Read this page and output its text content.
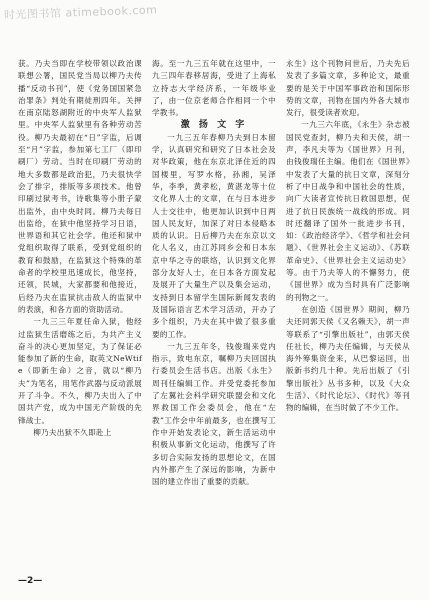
时光图书馆 atimebook.com

获。乃夫当即在学校带领以政治课联想公署，国民党当局以柳乃夫传播“反动书刊”，使《党务国国紧急治罪条》判处有期徒刑四年。关押在南京陆怒湖附近的中央军人监狱里。中央军人监狱里有各种劳动苦役。柳乃夫最初在“日”字监，后调至“月”字监，参加第七工厂（即印刷厂）劳动。当时在印刷厂劳动的地大多数都是政治犯，乃夫很快学会了排字，排版等多项技术。他曾印刷过狱考书，诗歌集等小册子蒙出监外，由中央时同。柳乃夫每日出监给，在狱中他坚持学习日语，世界语和其它社会学。他还和狱中党组织取得了联系，受到党组织的教育和鼓励，在监狱这个特殊的革命者的学校里迅速成长，他坚持，还领，民城，大家都要和他接近，后经乃夫在监狱抗击敌人的监狱中的表演，和各方面的资助活动。

一九三三年夏任命入狱，他经过监狱生活磨练之后，为共产主义奋斗的决心更加坚定，为了保证必能参加了新的生命，取英文NeWtife（即新生命）之音，就以“柳乃夫”为笔名，用笔作武器与反动派展开了斗争。不久，柳乃夫出入了中国共产党，成为中国无产阶级的先锋战士。

柳乃夫出狱不久即赴上

海。至一九三五年就在这里中，一九三四年春移居海，受进了上海私立持志大学经济系，一年级毕业了，由一位京老师合作相同一个中学教书。

激 扬 文 字

一九三五年春柳乃夫到日本留学，认真研究和研究了日本社会及对华政策，他在东京北泽住近的四国楼里，写罗水格，孙湘，吴泽华，李季，黄孝松，黄湛龙等十位文化界人士的文章，在与日本进步人士交往中，他更加认识到中日两国人民友好，加深了对日本侵略本质的认识。日后柳乃夫在东京以文化人名义，由江苏同乡会和日本东京中华之寺的联络，认识到文化界部分友好人士，在日本各方面发起及展开了大量生产以及集会运动，支持到日本留学生国际新闻发表的及国际语言艺术学习活动，开办了多个组织，乃夫在其中做了很多重要的工作。

一九三五年冬，钱俊瑞来党内指示，致电东京，嘱柳乃夫回国执行委员会生活书店。出版《永生》周刊任编辑工作。并受党委托参加了左翼社会科学研究联盟会和文化界救国工作会委员会，他在“左教”工作会中年前最多，也在撰写工作中开始发表论文，新生活运动中积极从事新文化运动，他撰写了许多切合实际发扬的思想论文，在国内外都产生了深远的影响，为新中国的建立作出了重要的贡献。

永生》这个刊物问世后，乃夫先后发表了多篇文章，多种论文，最重要的是关于中国军事政治和国际形势的文章，刊物在国内外各大城市发行，很受读者欢迎。

一九三六年底，《永生》杂志被国民党查封，柳乃夫和天侯，胡一声，李凡夫等为《国世界》月刊，由钱俊瑞任主编。他们在《国世界》中发表了大量的抗日文章，深刻分析了中日战争和中国社会的性质，向广大读者宣传抗日救国思想，促进了抗日民族统一战线的形成。同时还翻译了国外一批进步书刊，如：《政治经济学》、《哲学和社会问题》、《世界社会主义运动》、《苏联革命史》、《世界社会主义运动史》等。由于乃夫等人的不懈努力，使《国世界》成为当时具有广泛影响的刊物之一。

在创造《国世界》期间，柳乃夫还同郭天侯《又名赖天》，胡一声等联系了“引擎出版社”，由郭天侯任社长，柳乃夫任编辑，与天侯从海外筹集资金来，从巴黎运回，出版新书约几十种。先后出版了《引擎出版社》丛书多种，以及《大众生活》、《时代论坛》、《时代》等刊物的编辑，在当时做了不少工作。

—2—
